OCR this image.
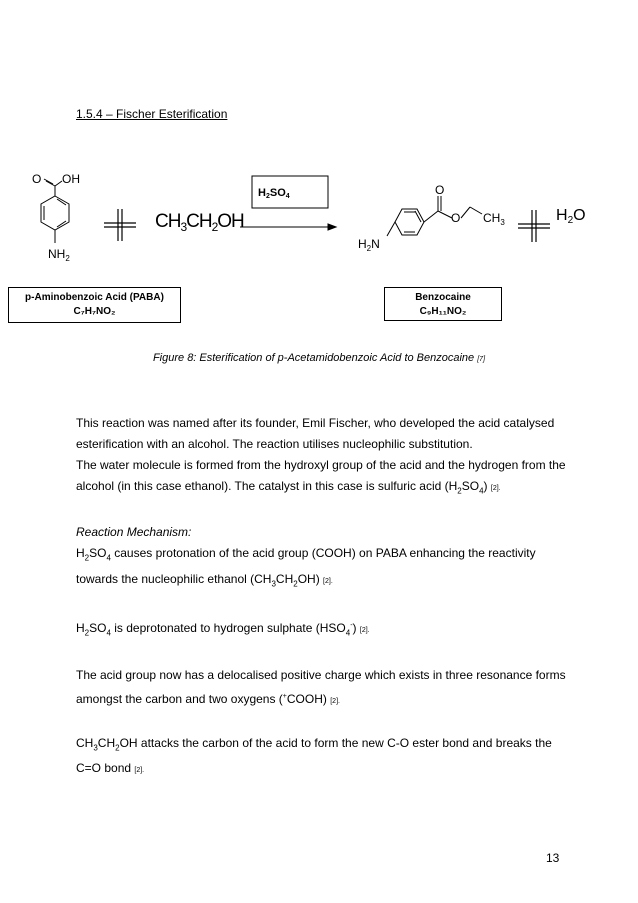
1.5.4 – Fischer Esterification
O OH
$NH_2$
$CH_3CH_2OH$
H2SO4	O
O $CH_3$
$H_2N$
H2O
p-Aminobenzoic Acid (PABA)
C₇H₇NO₂
Benzocaine
C₉H₁₁NO₂
Figure 8: Esterification of p-Acetamidobenzoic Acid to Benzocaine [7]

This reaction was named after its founder, Emil Fischer, who developed the acid catalysed esterification with an alcohol. The reaction utilises nucleophilic substitution.

The water molecule is formed from the hydroxyl group of the acid and the hydrogen from the alcohol (in this case ethanol). The catalyst in this case is sulfuric acid $(H_2SO_4)$ [2].

Reaction Mechanism:

$H_2SO_4$ causes protonation of the acid group (COOH) on PABA enhancing the reactivity towards the nucleophilic ethanol $(CH_3CH_2OH)$ [2].

$H_2SO_4$ is deprotonated to hydrogen sulphate $(HSO_4^-)$ [2].

The acid group now has a delocalised positive charge which exists in three resonance forms amongst the carbon and two oxygens (+COOH) [2].

$CH_3CH_2OH$ attacks the carbon of the acid to form the new C-O ester bond and breaks the C=O bond [2].

13
